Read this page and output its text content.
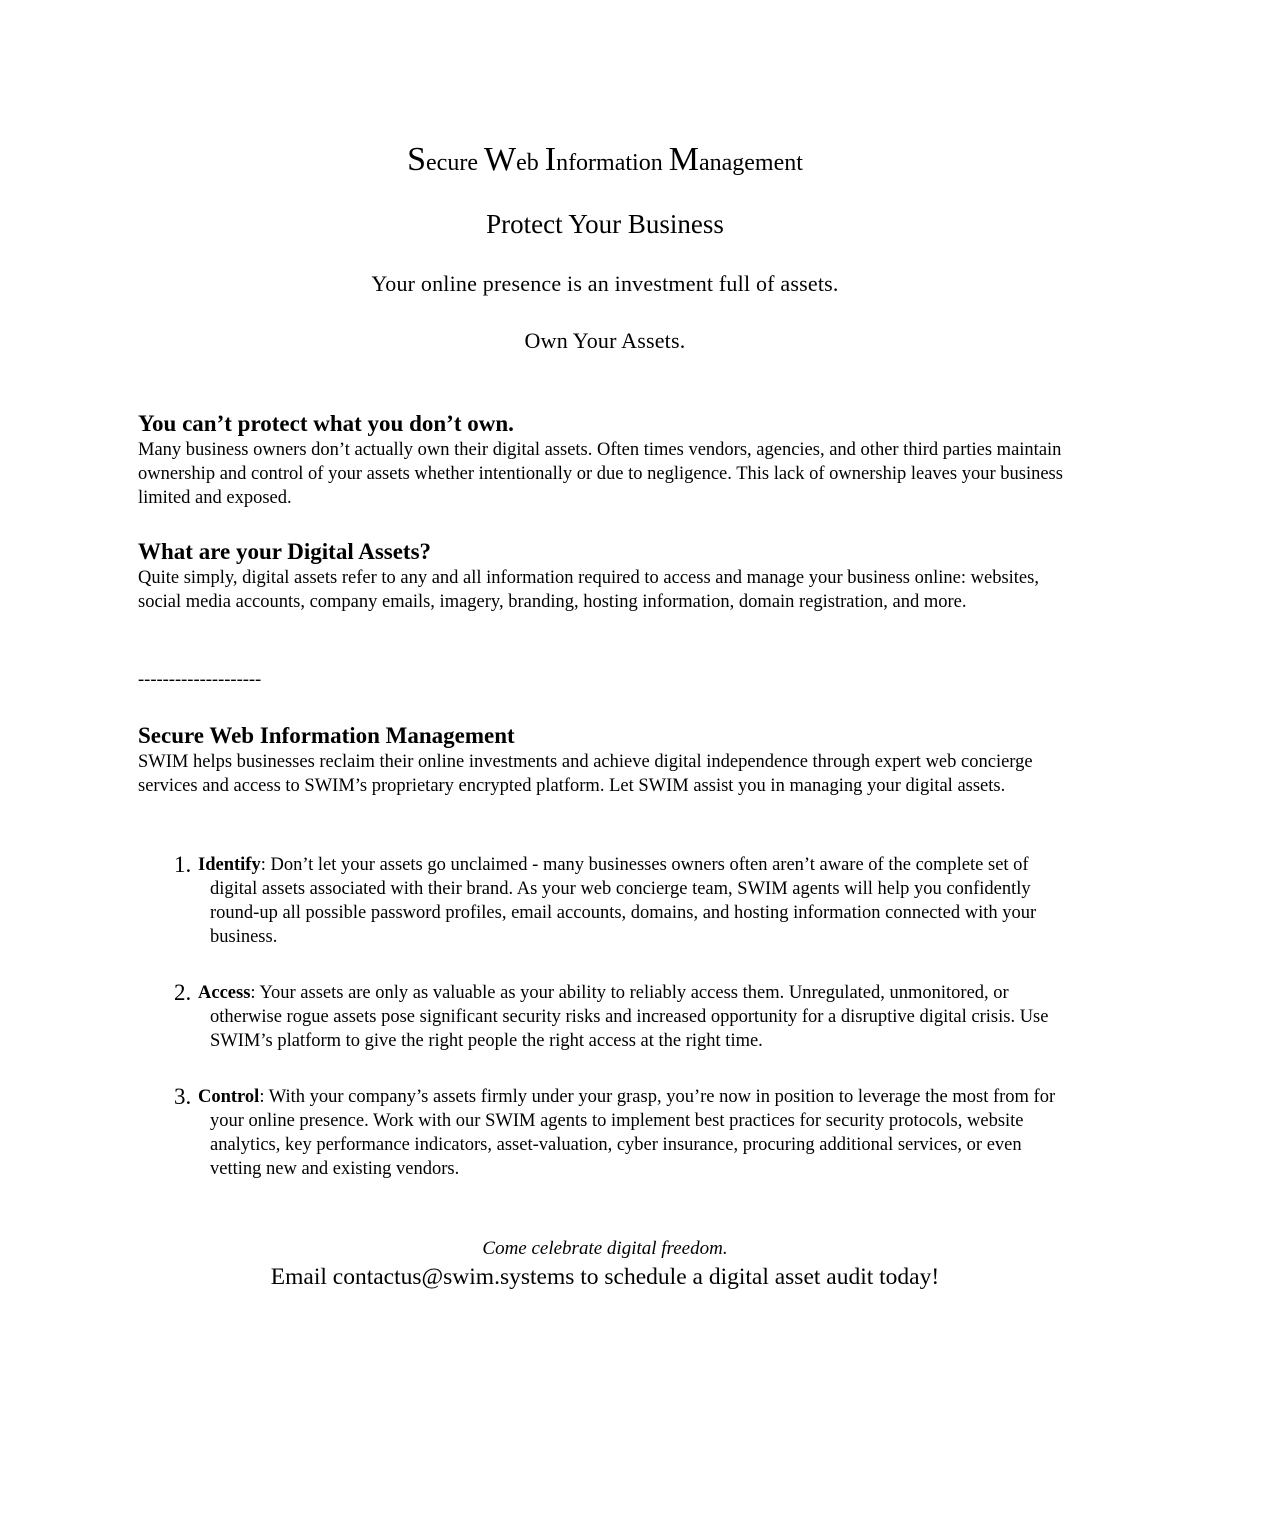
Secure Web Information Management
Protect Your Business
Your online presence is an investment full of assets.
Own Your Assets.
You can’t protect what you don’t own.

Many business owners don’t actually own their digital assets. Often times vendors, agencies, and other third parties maintain ownership and control of your assets whether intentionally or due to negligence. This lack of ownership leaves your business limited and exposed.

What are your Digital Assets?

Quite simply, digital assets refer to any and all information required to access and manage your business online: websites, social media accounts, company emails, imagery, branding, hosting information, domain registration, and more.

--------------------
Secure Web Information Management

SWIM helps businesses reclaim their online investments and achieve digital independence through expert web concierge services and access to SWIM’s proprietary encrypted platform. Let SWIM assist you in managing your digital assets.

1. Identify: Don’t let your assets go unclaimed - many businesses owners often aren’t aware of the complete set of digital assets associated with their brand. As your web concierge team, SWIM agents will help you confidently round-up all possible password profiles, email accounts, domains, and hosting information connected with your business.
2. Access: Your assets are only as valuable as your ability to reliably access them. Unregulated, unmonitored, or otherwise rogue assets pose significant security risks and increased opportunity for a disruptive digital crisis. Use SWIM’s platform to give the right people the right access at the right time.
3. Control: With your company’s assets firmly under your grasp, you’re now in position to leverage the most from for your online presence. Work with our SWIM agents to implement best practices for security protocols, website analytics, key performance indicators, asset-valuation, cyber insurance, procuring additional services, or even vetting new and existing vendors.
Come celebrate digital freedom.
Email contactus@swim.systems to schedule a digital asset audit today!
